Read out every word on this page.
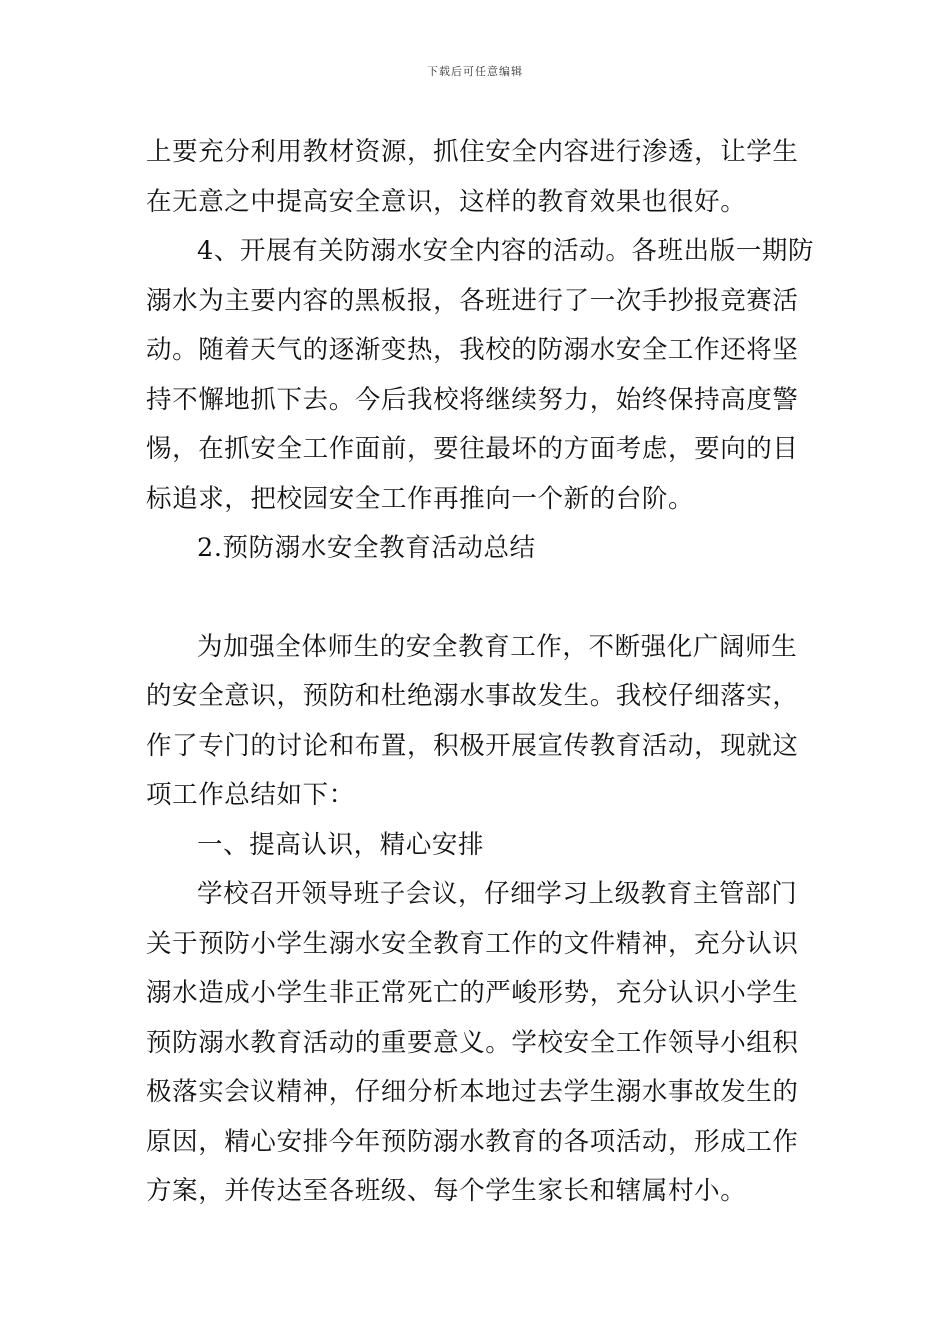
下载后可任意编辑
上要充分利用教材资源，抓住安全内容进行渗透，让学生
在无意之中提高安全意识，这样的教育效果也很好。
4、开展有关防溺水安全内容的活动。各班出版一期防
溺水为主要内容的黑板报，各班进行了一次手抄报竞赛活
动。随着天气的逐渐变热，我校的防溺水安全工作还将坚
持不懈地抓下去。今后我校将继续努力，始终保持高度警
惕，在抓安全工作面前，要往最坏的方面考虑，要向的目
标追求，把校园安全工作再推向一个新的台阶。
2.预防溺水安全教育活动总结
为加强全体师生的安全教育工作，不断强化广阔师生
的安全意识，预防和杜绝溺水事故发生。我校仔细落实，
作了专门的讨论和布置，积极开展宣传教育活动，现就这
项工作总结如下：
一、提高认识，精心安排
学校召开领导班子会议，仔细学习上级教育主管部门
关于预防小学生溺水安全教育工作的文件精神，充分认识
溺水造成小学生非正常死亡的严峻形势，充分认识小学生
预防溺水教育活动的重要意义。学校安全工作领导小组积
极落实会议精神，仔细分析本地过去学生溺水事故发生的
原因，精心安排今年预防溺水教育的各项活动，形成工作
方案，并传达至各班级、每个学生家长和辖属村小。
